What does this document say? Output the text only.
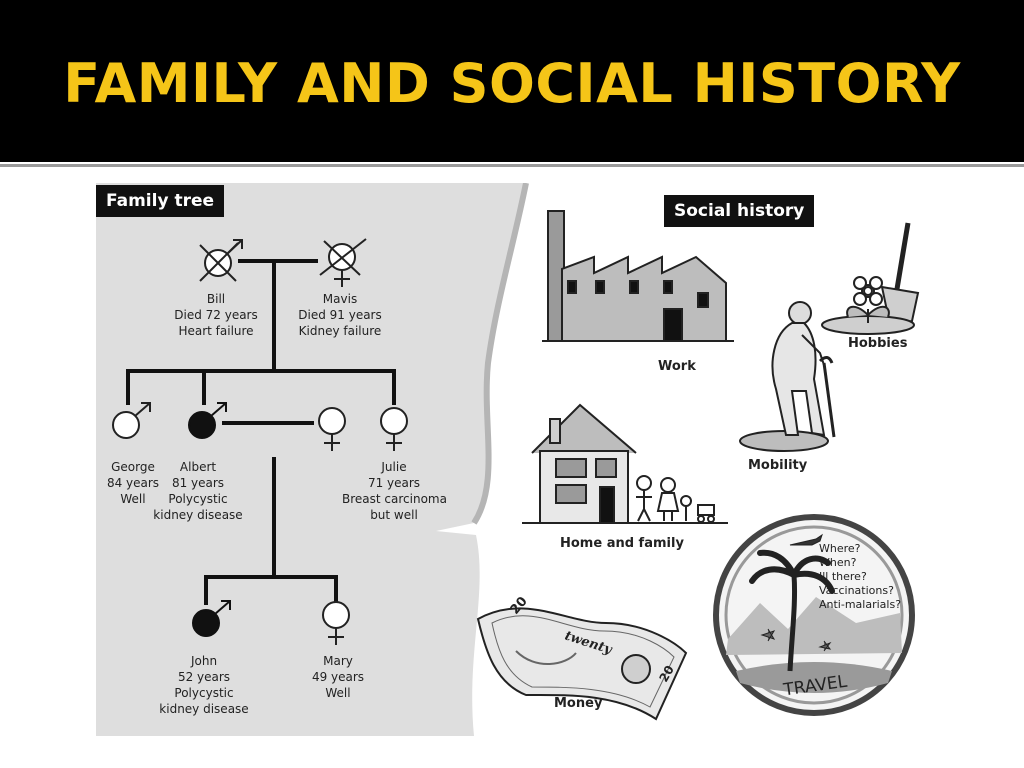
FAMILY AND SOCIAL HISTORY
20
twenty
20	TRAVEL
Family tree
Bill
Died 72 years
Heart failure
Mavis
Died 91 years
Kidney failure
George
84 years
Well
Albert
81 years
Polycystic
kidney disease
Julie
71 years
Breast carcinoma
but well
John
52 years
Polycystic
kidney disease
Mary
49 years
Well
Social history
Work
Hobbies
Mobility
Home and family
Money
Where?
When?
Ill there?
Vaccinations?
Anti-malarials?
